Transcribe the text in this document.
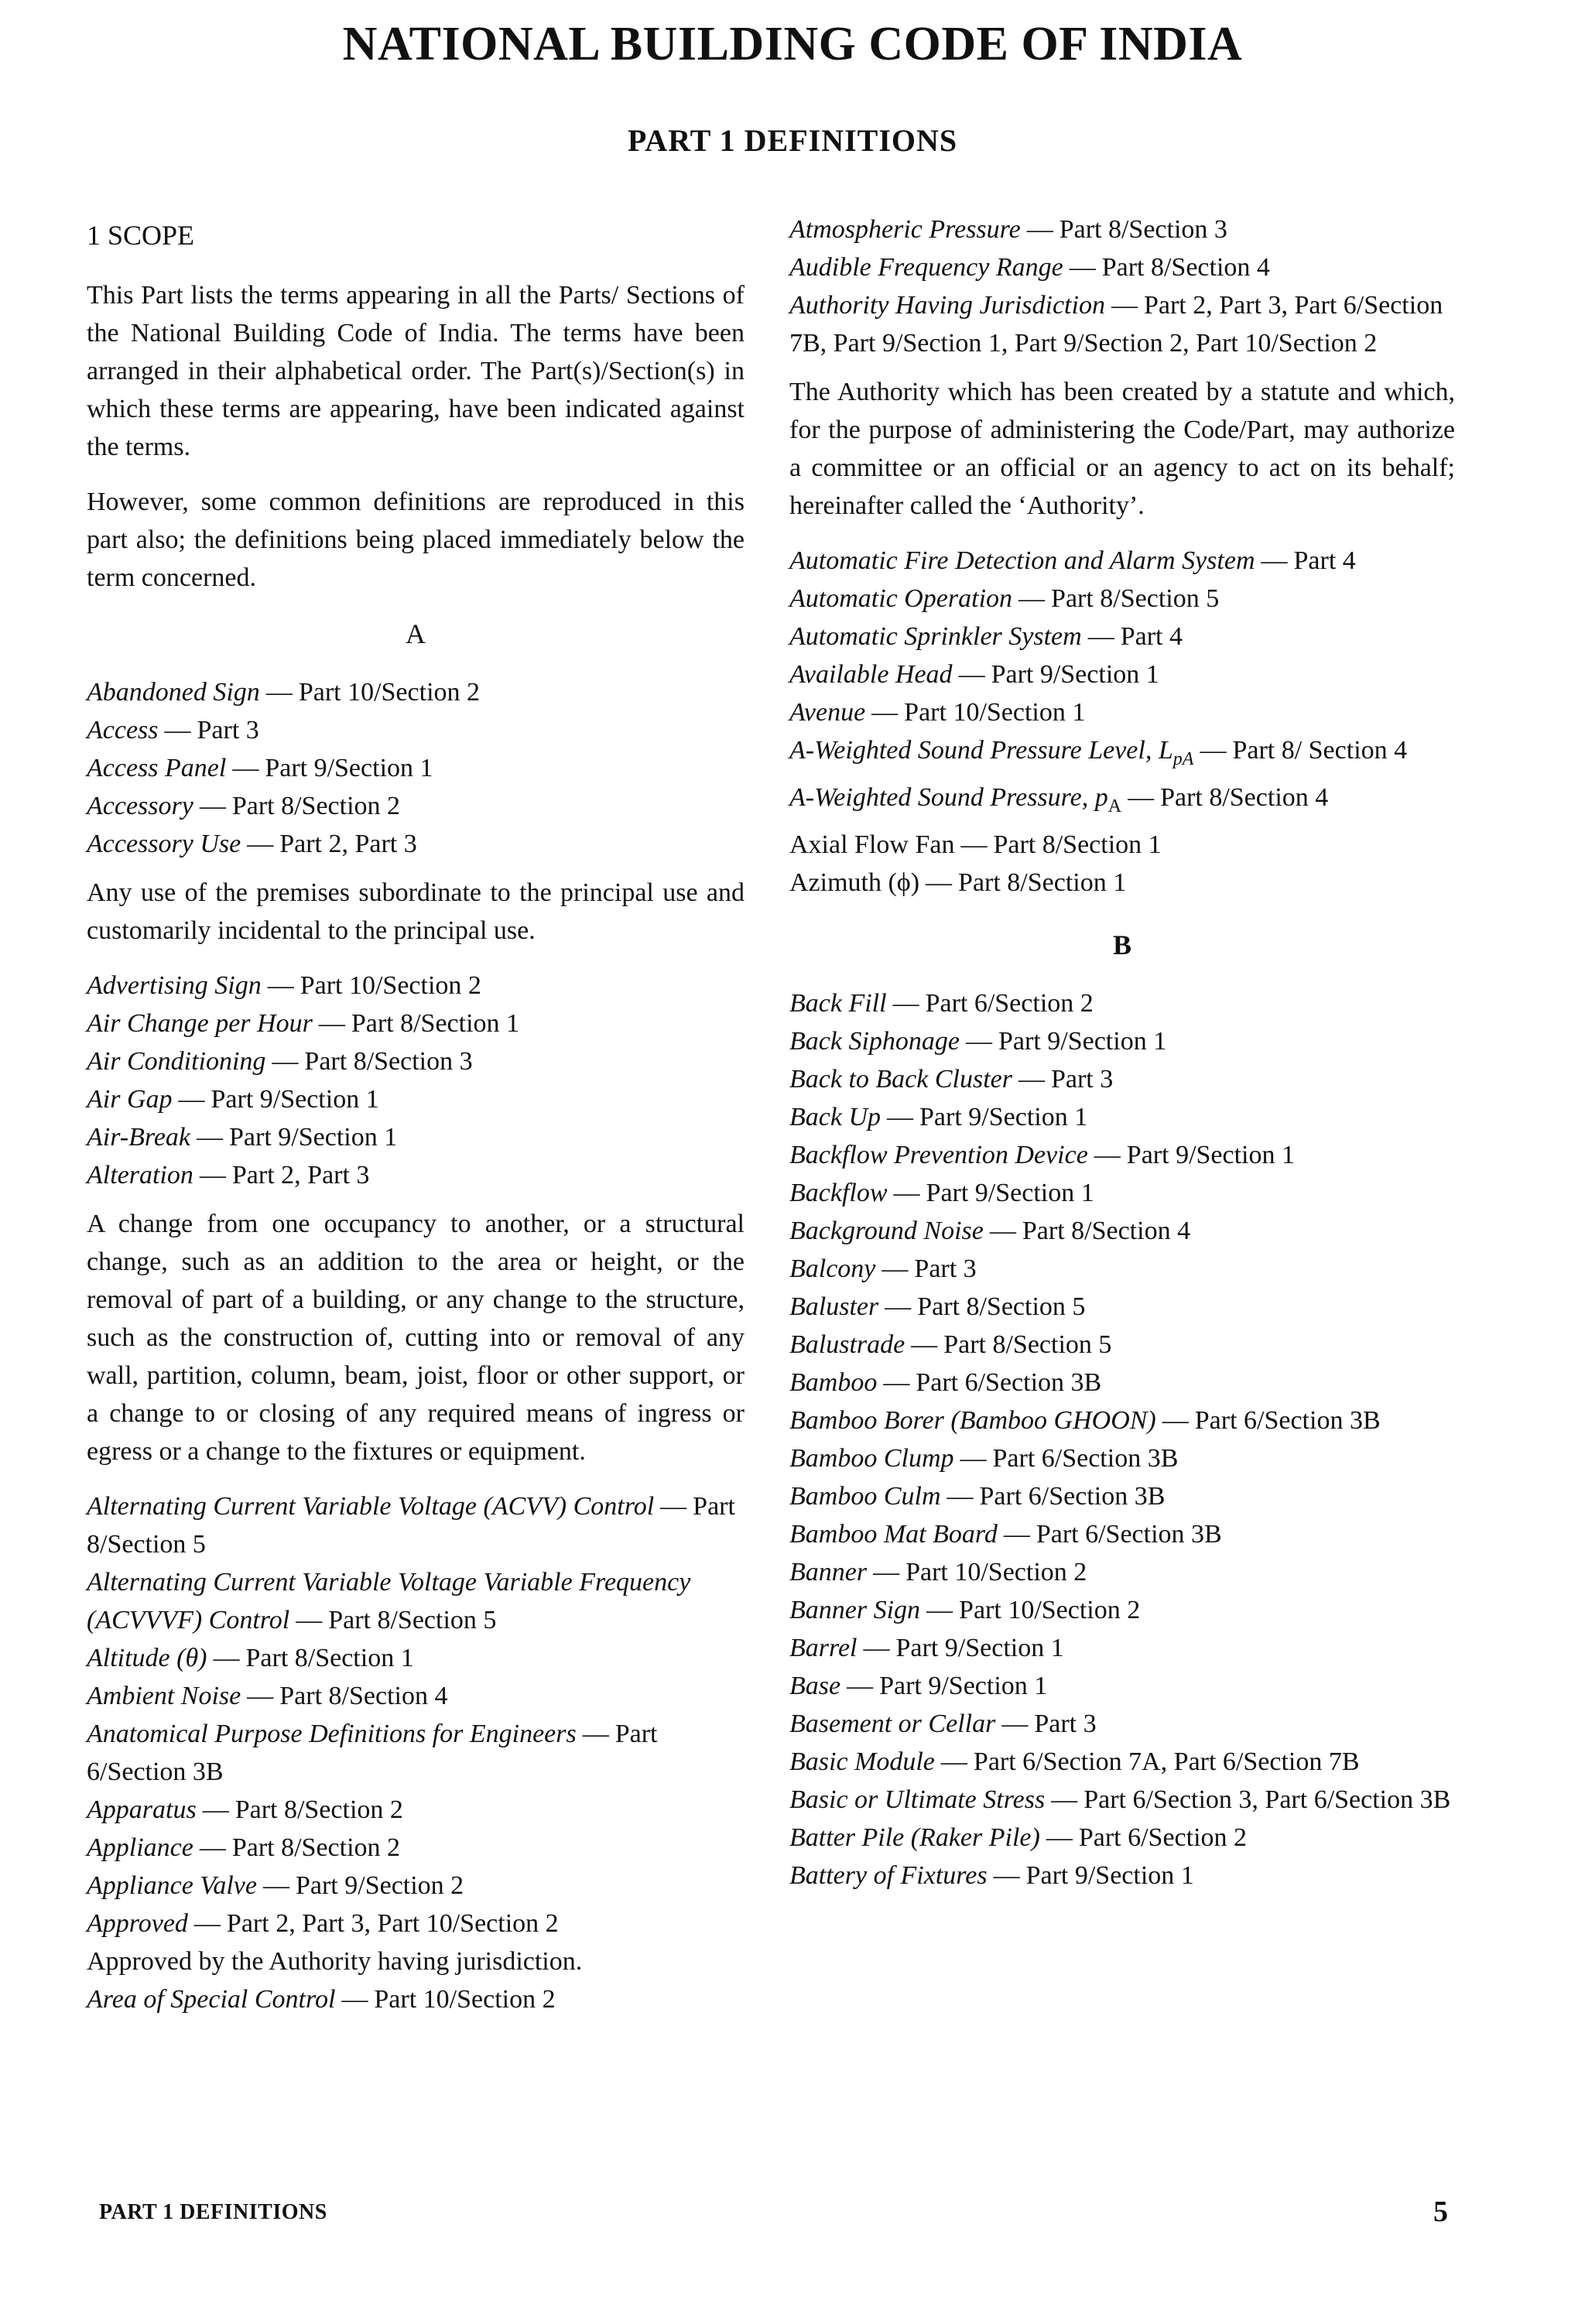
NATIONAL BUILDING CODE OF INDIA
PART 1 DEFINITIONS
1 SCOPE

This Part lists the terms appearing in all the Parts/ Sections of the National Building Code of India. The terms have been arranged in their alphabetical order. The Part(s)/Section(s) in which these terms are appearing, have been indicated against the terms.

However, some common definitions are reproduced in this part also; the definitions being placed immediately below the term concerned.

A
Abandoned Sign — Part 10/Section 2
Access — Part 3
Access Panel — Part 9/Section 1
Accessory — Part 8/Section 2
Accessory Use — Part 2, Part 3

Any use of the premises subordinate to the principal use and customarily incidental to the principal use.

Advertising Sign — Part 10/Section 2
Air Change per Hour — Part 8/Section 1
Air Conditioning — Part 8/Section 3
Air Gap — Part 9/Section 1
Air-Break — Part 9/Section 1
Alteration — Part 2, Part 3

A change from one occupancy to another, or a structural change, such as an addition to the area or height, or the removal of part of a building, or any change to the structure, such as the construction of, cutting into or removal of any wall, partition, column, beam, joist, floor or other support, or a change to or closing of any required means of ingress or egress or a change to the fixtures or equipment.

Alternating Current Variable Voltage (ACVV) Control — Part 8/Section 5
Alternating Current Variable Voltage Variable Frequency (ACVVVF) Control — Part 8/Section 5
Altitude (θ) — Part 8/Section 1
Ambient Noise — Part 8/Section 4
Anatomical Purpose Definitions for Engineers — Part 6/Section 3B
Apparatus — Part 8/Section 2
Appliance — Part 8/Section 2
Appliance Valve — Part 9/Section 2
Approved — Part 2, Part 3, Part 10/Section 2
Approved by the Authority having jurisdiction.
Area of Special Control — Part 10/Section 2
Atmospheric Pressure — Part 8/Section 3
Audible Frequency Range — Part 8/Section 4
Authority Having Jurisdiction — Part 2, Part 3, Part 6/Section 7B, Part 9/Section 1, Part 9/Section 2, Part 10/Section 2

The Authority which has been created by a statute and which, for the purpose of administering the Code/Part, may authorize a committee or an official or an agency to act on its behalf; hereinafter called the ‘Authority’.

Automatic Fire Detection and Alarm System — Part 4
Automatic Operation — Part 8/Section 5
Automatic Sprinkler System — Part 4
Available Head — Part 9/Section 1
Avenue — Part 10/Section 1
A-Weighted Sound Pressure Level, $L_{pA}$ — Part 8/ Section 4
A-Weighted Sound Pressure, $p_A$ — Part 8/Section 4
Axial Flow Fan — Part 8/Section 1
Azimuth (ϕ) — Part 8/Section 1
B
Back Fill — Part 6/Section 2
Back Siphonage — Part 9/Section 1
Back to Back Cluster — Part 3
Back Up — Part 9/Section 1
Backflow Prevention Device — Part 9/Section 1
Backflow — Part 9/Section 1
Background Noise — Part 8/Section 4
Balcony — Part 3
Baluster — Part 8/Section 5
Balustrade — Part 8/Section 5
Bamboo — Part 6/Section 3B
Bamboo Borer (Bamboo GHOON) — Part 6/Section 3B
Bamboo Clump — Part 6/Section 3B
Bamboo Culm — Part 6/Section 3B
Bamboo Mat Board — Part 6/Section 3B
Banner — Part 10/Section 2
Banner Sign — Part 10/Section 2
Barrel — Part 9/Section 1
Base — Part 9/Section 1
Basement or Cellar — Part 3
Basic Module — Part 6/Section 7A, Part 6/Section 7B
Basic or Ultimate Stress — Part 6/Section 3, Part 6/Section 3B
Batter Pile (Raker Pile) — Part 6/Section 2
Battery of Fixtures — Part 9/Section 1
PART 1 DEFINITIONS	5
